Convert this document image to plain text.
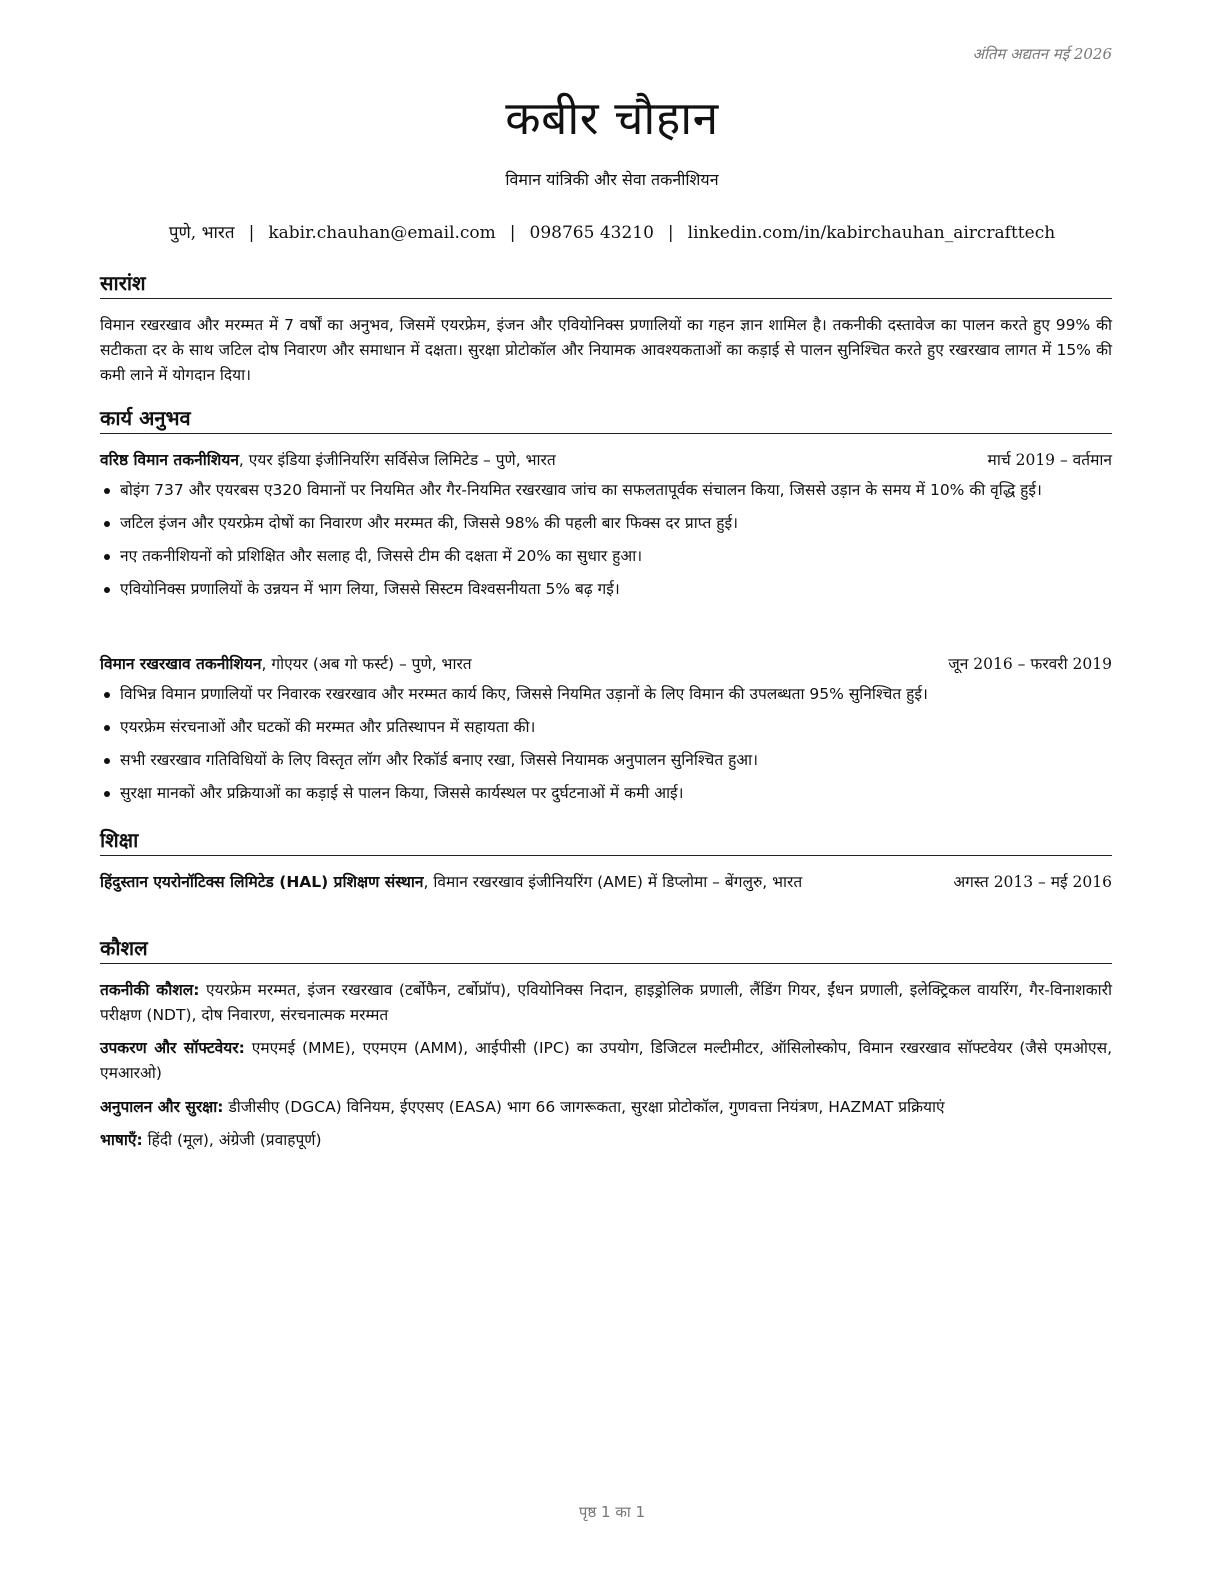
अंतिम अद्यतन मई 2026
कबीर चौहान
विमान यांत्रिकी और सेवा तकनीशियन
पुणे, भारत | kabir.chauhan@email.com | 098765 43210 | linkedin.com/in/kabirchauhan_aircrafttech
सारांश
विमान रखरखाव और मरम्मत में 7 वर्षों का अनुभव, जिसमें एयरफ्रेम, इंजन और एवियोनिक्स प्रणालियों का गहन ज्ञान शामिल है। तकनीकी दस्तावेज का पालन करते हुए 99% की सटीकता दर के साथ जटिल दोष निवारण और समाधान में दक्षता। सुरक्षा प्रोटोकॉल और नियामक आवश्यकताओं का कड़ाई से पालन सुनिश्चित करते हुए रखरखाव लागत में 15% की कमी लाने में योगदान दिया।
कार्य अनुभव
वरिष्ठ विमान तकनीशियन, एयर इंडिया इंजीनियरिंग सर्विसेज लिमिटेड – पुणे, भारत	मार्च 2019 – वर्तमान
बोइंग 737 और एयरबस ए320 विमानों पर नियमित और गैर-नियमित रखरखाव जांच का सफलतापूर्वक संचालन किया, जिससे उड़ान के समय में 10% की वृद्धि हुई।
जटिल इंजन और एयरफ्रेम दोषों का निवारण और मरम्मत की, जिससे 98% की पहली बार फिक्स दर प्राप्त हुई।
नए तकनीशियनों को प्रशिक्षित और सलाह दी, जिससे टीम की दक्षता में 20% का सुधार हुआ।
एवियोनिक्स प्रणालियों के उन्नयन में भाग लिया, जिससे सिस्टम विश्वसनीयता 5% बढ़ गई।
विमान रखरखाव तकनीशियन, गोएयर (अब गो फर्स्ट) – पुणे, भारत	जून 2016 – फरवरी 2019
विभिन्न विमान प्रणालियों पर निवारक रखरखाव और मरम्मत कार्य किए, जिससे नियमित उड़ानों के लिए विमान की उपलब्धता 95% सुनिश्चित हुई।
एयरफ्रेम संरचनाओं और घटकों की मरम्मत और प्रतिस्थापन में सहायता की।
सभी रखरखाव गतिविधियों के लिए विस्तृत लॉग और रिकॉर्ड बनाए रखा, जिससे नियामक अनुपालन सुनिश्चित हुआ।
सुरक्षा मानकों और प्रक्रियाओं का कड़ाई से पालन किया, जिससे कार्यस्थल पर दुर्घटनाओं में कमी आई।
शिक्षा
हिंदुस्तान एयरोनॉटिक्स लिमिटेड (HAL) प्रशिक्षण संस्थान, विमान रखरखाव इंजीनियरिंग (AME) में डिप्लोमा – बेंगलुरु, भारत	अगस्त 2013 – मई 2016
कौशल
तकनीकी कौशल: एयरफ्रेम मरम्मत, इंजन रखरखाव (टर्बोफैन, टर्बोप्रॉप), एवियोनिक्स निदान, हाइड्रोलिक प्रणाली, लैंडिंग गियर, ईंधन प्रणाली, इलेक्ट्रिकल वायरिंग, गैर-विनाशकारी परीक्षण (NDT), दोष निवारण, संरचनात्मक मरम्मत
उपकरण और सॉफ्टवेयर: एमएमई (MME), एएमएम (AMM), आईपीसी (IPC) का उपयोग, डिजिटल मल्टीमीटर, ऑसिलोस्कोप, विमान रखरखाव सॉफ्टवेयर (जैसे एमओएस, एमआरओ)
अनुपालन और सुरक्षा: डीजीसीए (DGCA) विनियम, ईएएसए (EASA) भाग 66 जागरूकता, सुरक्षा प्रोटोकॉल, गुणवत्ता नियंत्रण, HAZMAT प्रक्रियाएं
भाषाएँ: हिंदी (मूल), अंग्रेजी (प्रवाहपूर्ण)
पृष्ठ 1 का 1
